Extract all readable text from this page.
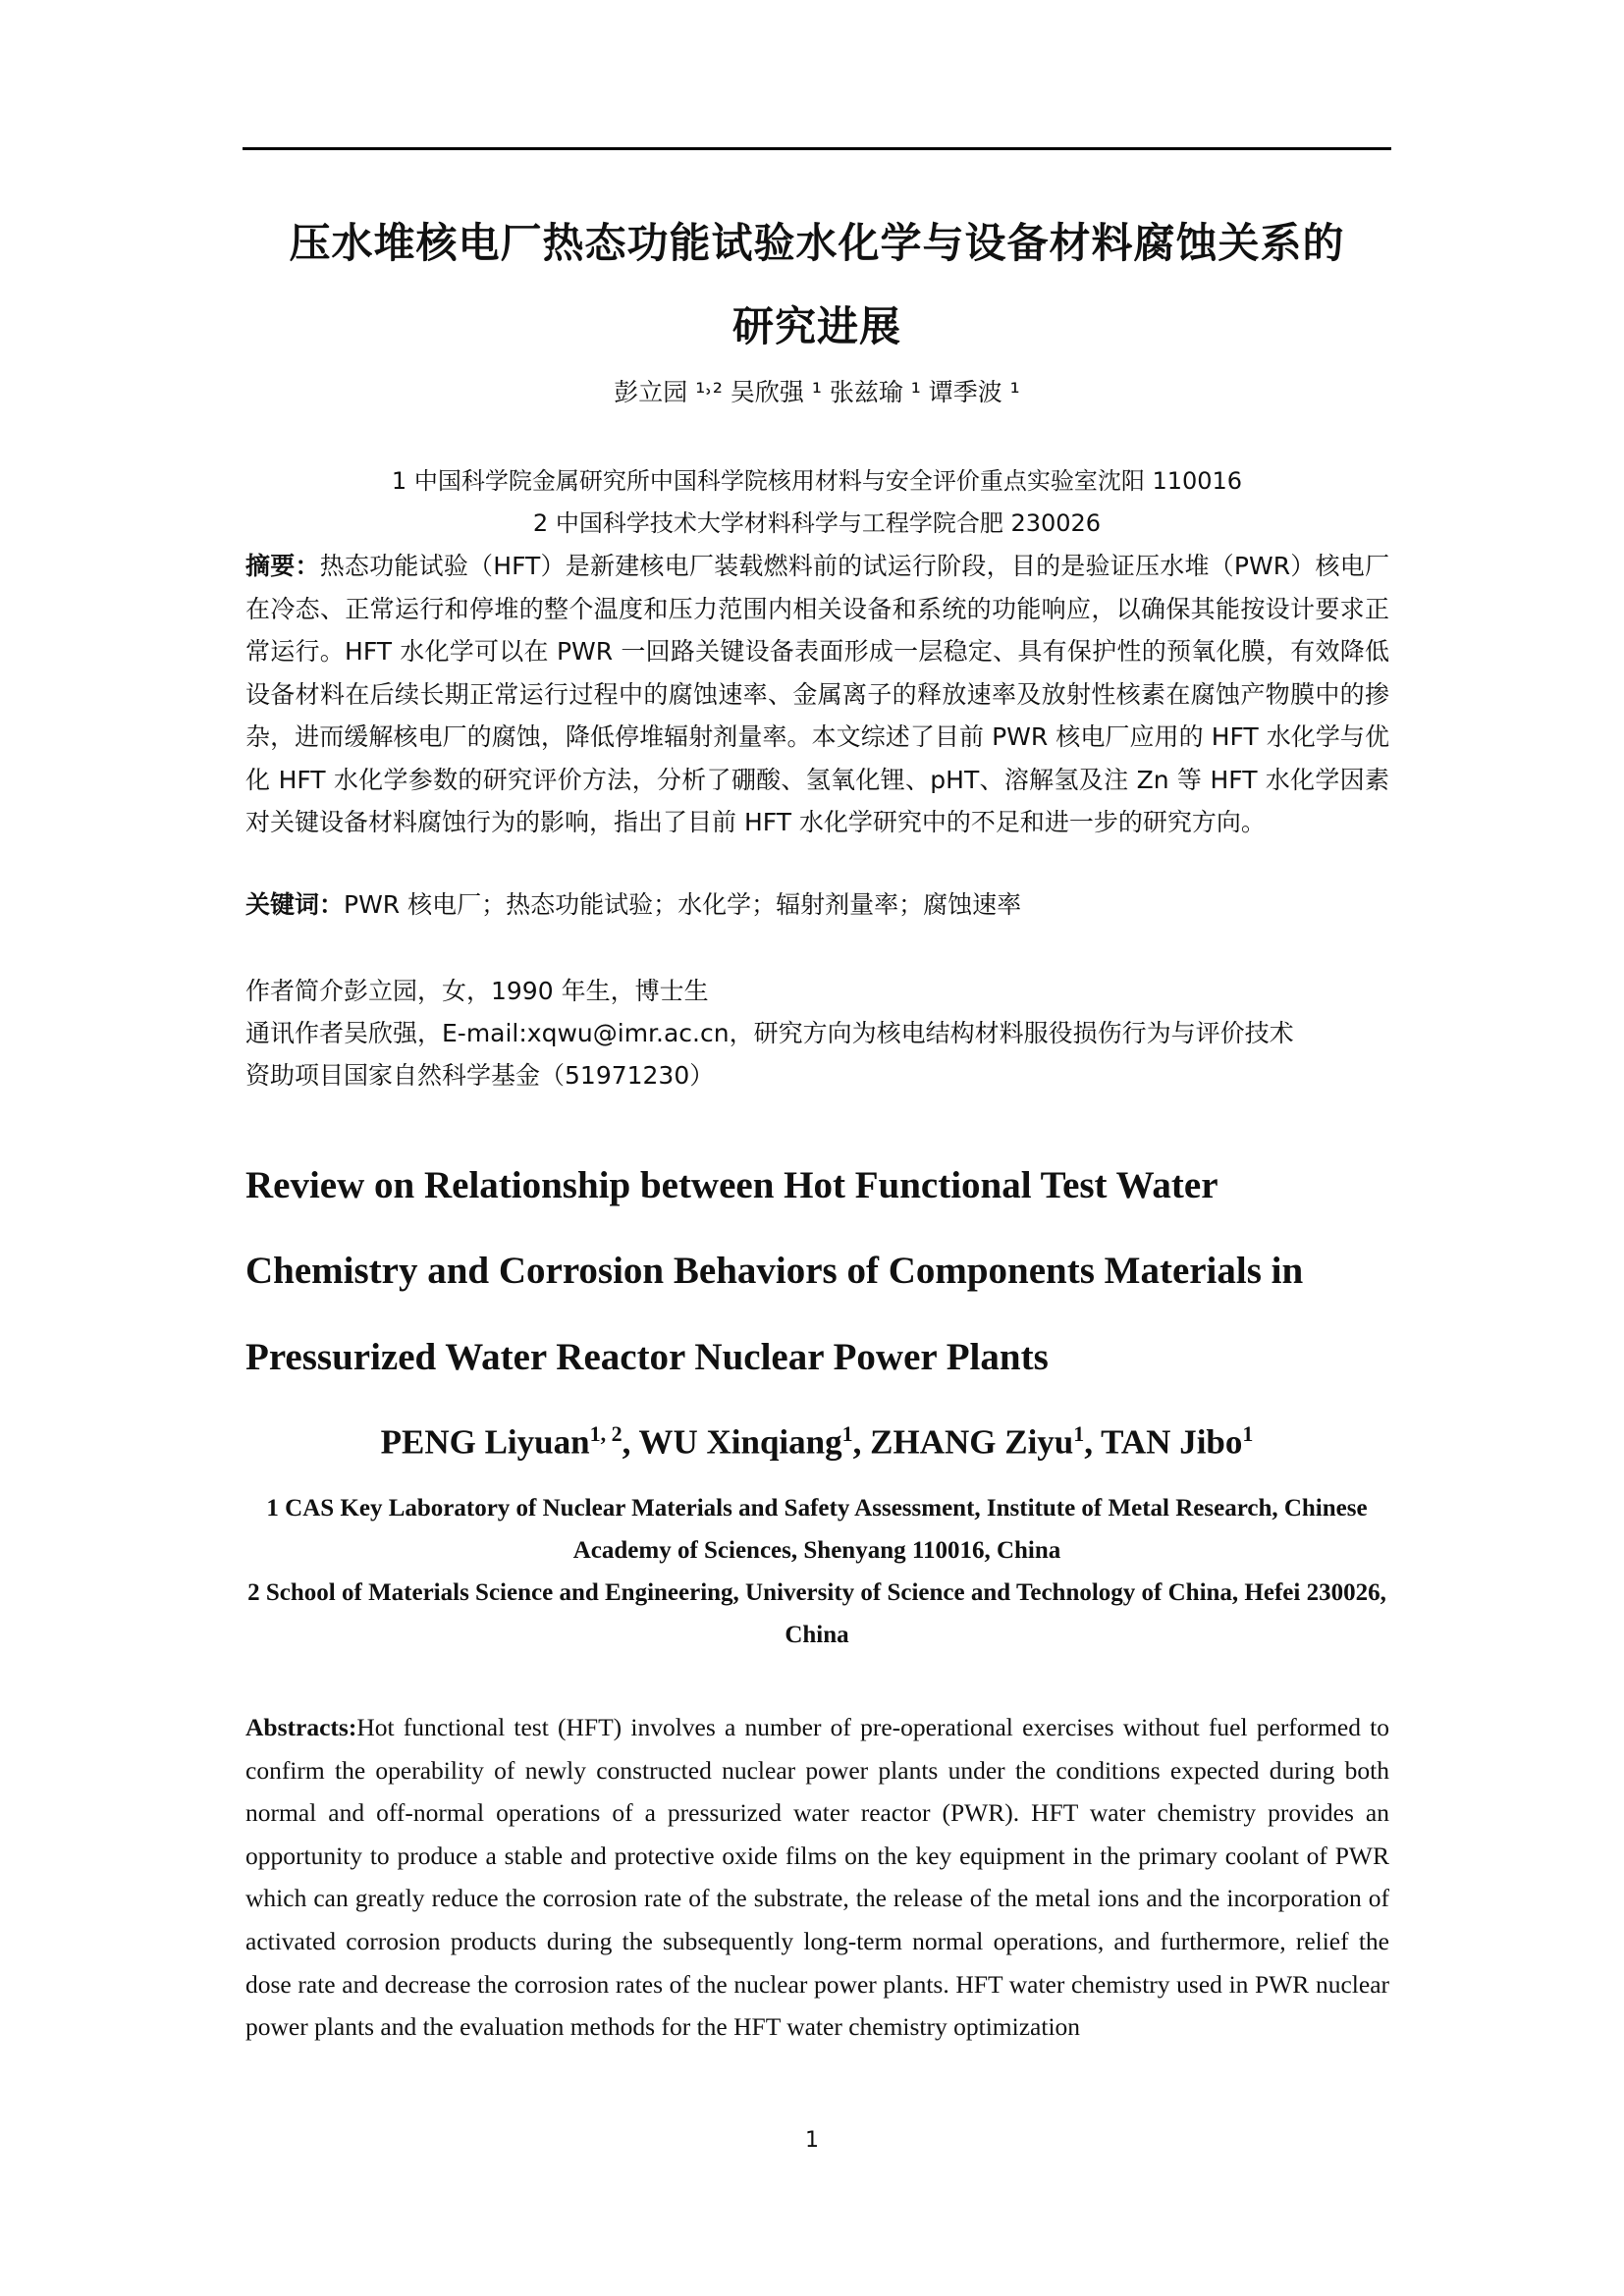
压水堆核电厂热态功能试验水化学与设备材料腐蚀关系的
研究进展
彭立园 ¹˒² 吴欣强 ¹ 张兹瑜 ¹ 谭季波 ¹
1 中国科学院金属研究所中国科学院核用材料与安全评价重点实验室沈阳 110016
2 中国科学技术大学材料科学与工程学院合肥 230026
摘要：热态功能试验（HFT）是新建核电厂装载燃料前的试运行阶段，目的是验证压水堆（PWR）核电厂在冷态、正常运行和停堆的整个温度和压力范围内相关设备和系统的功能响应，以确保其能按设计要求正常运行。HFT 水化学可以在 PWR 一回路关键设备表面形成一层稳定、具有保护性的预氧化膜，有效降低设备材料在后续长期正常运行过程中的腐蚀速率、金属离子的释放速率及放射性核素在腐蚀产物膜中的掺杂，进而缓解核电厂的腐蚀，降低停堆辐射剂量率。本文综述了目前 PWR 核电厂应用的 HFT 水化学与优化 HFT 水化学参数的研究评价方法，分析了硼酸、氢氧化锂、pHT、溶解氢及注 Zn 等 HFT 水化学因素对关键设备材料腐蚀行为的影响，指出了目前 HFT 水化学研究中的不足和进一步的研究方向。
关键词：PWR 核电厂；热态功能试验；水化学；辐射剂量率；腐蚀速率
作者简介彭立园，女，1990 年生，博士生
通讯作者吴欣强，E-mail:xqwu@imr.ac.cn，研究方向为核电结构材料服役损伤行为与评价技术
资助项目国家自然科学基金（51971230）
Review on Relationship between Hot Functional Test Water
Chemistry and Corrosion Behaviors of Components Materials in
Pressurized Water Reactor Nuclear Power Plants
PENG Liyuan$^{1, 2}$, WU Xinqiang$^1$, ZHANG Ziyu$^1$, TAN Jibo$^1$
1 CAS Key Laboratory of Nuclear Materials and Safety Assessment, Institute of Metal Research, Chinese Academy of Sciences, Shenyang 110016, China
2 School of Materials Science and Engineering, University of Science and Technology of China, Hefei 230026, China
Abstracts:Hot functional test (HFT) involves a number of pre-operational exercises without fuel performed to confirm the operability of newly constructed nuclear power plants under the conditions expected during both normal and off-normal operations of a pressurized water reactor (PWR). HFT water chemistry provides an opportunity to produce a stable and protective oxide films on the key equipment in the primary coolant of PWR which can greatly reduce the corrosion rate of the substrate, the release of the metal ions and the incorporation of activated corrosion products during the subsequently long-term normal operations, and furthermore, relief the dose rate and decrease the corrosion rates of the nuclear power plants. HFT water chemistry used in PWR nuclear power plants and the evaluation methods for the HFT water chemistry optimization
1
